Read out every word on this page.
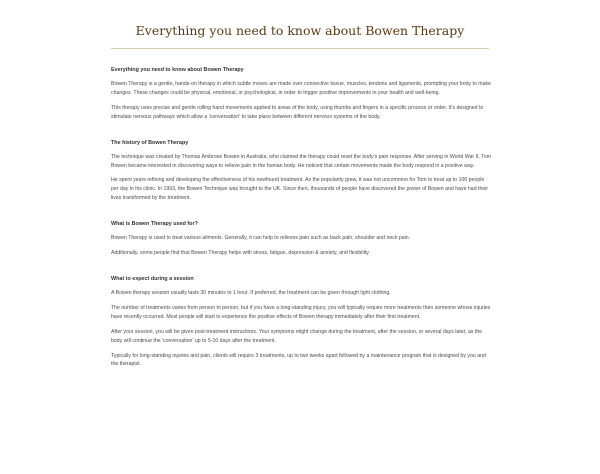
Everything you need to know about Bowen Therapy

Everything you need to know about Bowen Therapy

Bowen Therapy is a gentle, hands-on therapy in which subtle moves are made over connective tissue, muscles, tendons and ligaments, prompting your body to make changes. These changes could be physical, emotional, or psychological, in order to trigger positive improvements in your health and well-being.

This therapy uses precise and gentle rolling hand movements applied to areas of the body, using thumbs and fingers in a specific process or order. It's designed to stimulate nervous pathways which allow a 'conversation' to take place between different nervous systems of the body.

The history of Bowen Therapy

The technique was created by Thomas Ambrose Bowen in Australia, who claimed the therapy could reset the body's pain response. After serving in World War II, Tom Bowen became interested in discovering ways to relieve pain in the human body. He noticed that certain movements made the body respond in a positive way.

He spent years refining and developing the effectiveness of his newfound treatment. As the popularity grew, it was not uncommon for Tom to treat up to 100 people per day in his clinic. In 1993, the Bowen Technique was brought to the UK. Since then, thousands of people have discovered the power of Bowen and have had their lives transformed by the treatment.

What is Bowen Therapy used for?

Bowen Therapy is used to treat various ailments. Generally, it can help to relieves pain such as back pain, shoulder and neck pain.

Additionally, some people find that Bowen Therapy helps with stress, fatigue, depression & anxiety, and flexibility.

What to expect during a session

A Bowen therapy session usually lasts 30 minutes to 1 hour. If preferred, the treatment can be given through light clothing.

The number of treatments varies from person to person, but if you have a long-standing injury, you will typically require more treatments then someone whose injuries have recently occurred. Most people will start to experience the positive effects of Bowen therapy immediately after their first treatment.

After your session, you will be given post-treatment instructions. Your symptoms might change during the treatment, after the session, or several days later, as the body will continue the 'conversation' up to 5-10 days after the treatment.

Typically for long-standing injuries and pain, clients will require 3 treatments, up to two weeks apart followed by a maintenance program that is designed by you and the therapist.
